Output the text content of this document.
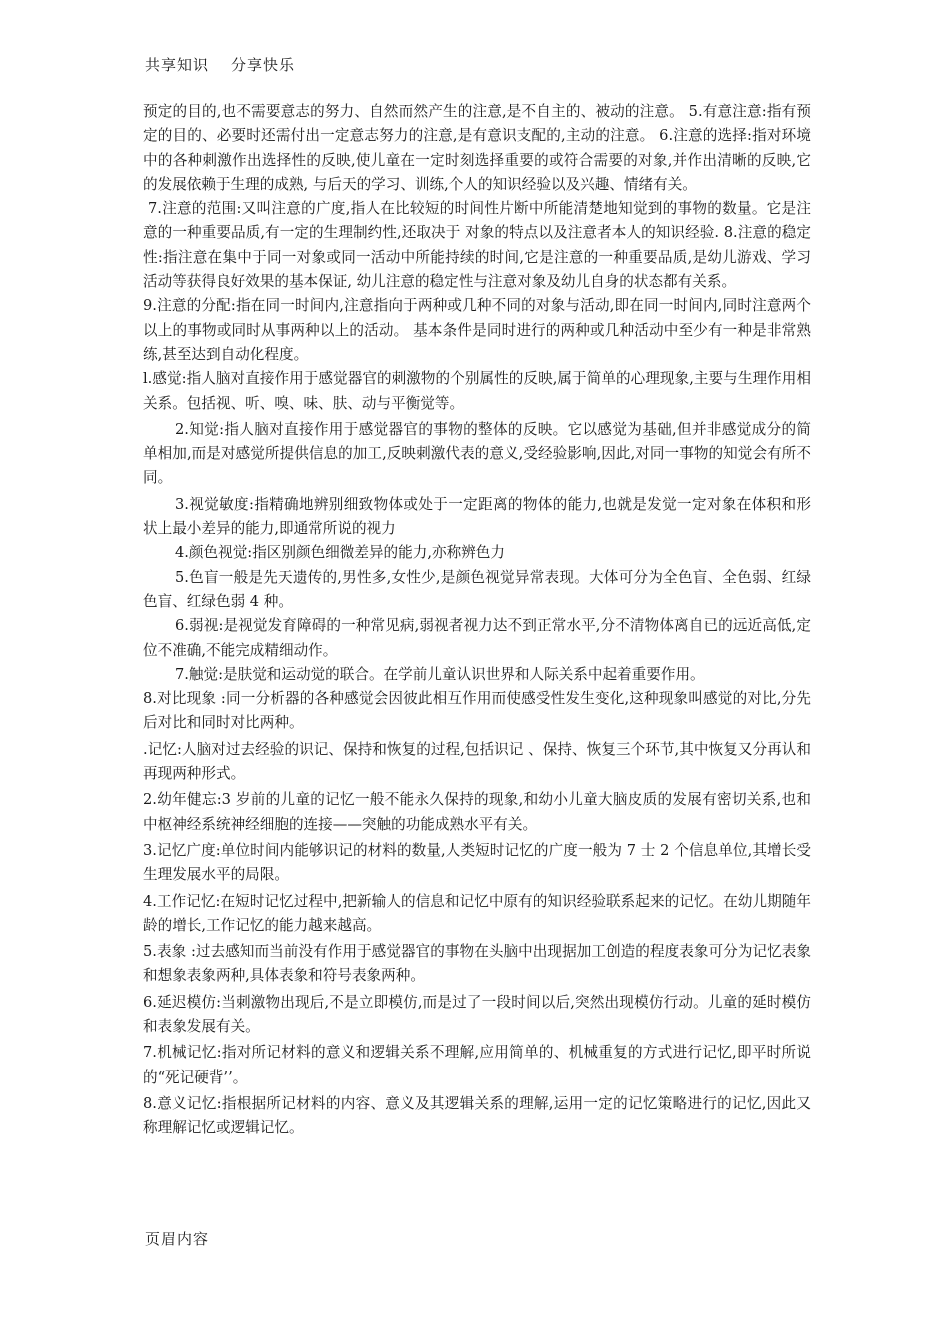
共享知识 分享快乐

预定的目的,也不需要意志的努力、自然而然产生的注意,是不自主的、被动的注意。 5.有意注意:指有预定的目的、必要时还需付出一定意志努力的注意,是有意识支配的,主动的注意。 6.注意的选择:指对环境中的各种刺激作出选择性的反映,使儿童在一定时刻选择重要的或符合需要的对象,并作出清晰的反映,它的发展依赖于生理的成熟, 与后天的学习、训练,个人的知识经验以及兴趣、情绪有关。

7.注意的范围:又叫注意的广度,指人在比较短的时间性片断中所能清楚地知觉到的事物的数量。它是注意的一种重要品质,有一定的生理制约性,还取决于 对象的特点以及注意者本人的知识经验. 8.注意的稳定性:指注意在集中于同一对象或同一活动中所能持续的时间,它是注意的一种重要品质,是幼儿游戏、学习活动等获得良好效果的基本保证, 幼儿注意的稳定性与注意对象及幼儿自身的状态都有关系。

9.注意的分配:指在同一时间内,注意指向于两种或几种不同的对象与活动,即在同一时间内,同时注意两个以上的事物或同时从事两种以上的活动。 基本条件是同时进行的两种或几种活动中至少有一种是非常熟练,甚至达到自动化程度。

l.感觉:指人脑对直接作用于感觉器官的刺激物的个别属性的反映,属于简单的心理现象,主要与生理作用相关系。包括视、听、嗅、味、肤、动与平衡觉等。

2.知觉:指人脑对直接作用于感觉器官的事物的整体的反映。它以感觉为基础,但并非感觉成分的简单相加,而是对感觉所提供信息的加工,反映刺激代表的意义,受经验影响,因此,对同一事物的知觉会有所不同。

3.视觉敏度:指精确地辨别细致物体或处于一定距离的物体的能力,也就是发觉一定对象在体积和形状上最小差异的能力,即通常所说的视力

4.颜色视觉:指区别颜色细微差异的能力,亦称辨色力

5.色盲一般是先天遗传的,男性多,女性少,是颜色视觉异常表现。大体可分为全色盲、全色弱、红绿色盲、红绿色弱 4 种。

6.弱视:是视觉发育障碍的一种常见病,弱视者视力达不到正常水平,分不清物体离自已的远近高低,定位不准确,不能完成精细动作。

7.触觉:是肤觉和运动觉的联合。在学前儿童认识世界和人际关系中起着重要作用。

8.对比现象 :同一分析器的各种感觉会因彼此相互作用而使感受性发生变化,这种现象叫感觉的对比,分先后对比和同时对比两种。

.记忆:人脑对过去经验的识记、保持和恢复的过程,包括识记 、保持、恢复三个环节,其中恢复又分再认和再现两种形式。

2.幼年健忘:3 岁前的儿童的记忆一般不能永久保持的现象,和幼小儿童大脑皮质的发展有密切关系,也和中枢神经系统神经细胞的连接——突触的功能成熟水平有关。

3.记忆广度:单位时间内能够识记的材料的数量,人类短时记忆的广度一般为 7 士 2 个信息单位,其增长受生理发展水平的局限。

4.工作记忆:在短时记忆过程中,把新输人的信息和记忆中原有的知识经验联系起来的记忆。在幼儿期随年龄的增长,工作记忆的能力越来越高。

5.表象 :过去感知而当前没有作用于感觉器官的事物在头脑中出现据加工创造的程度表象可分为记忆表象和想象表象两种,具体表象和符号表象两种。

6.延迟模仿:当刺激物出现后,不是立即模仿,而是过了一段时间以后,突然出现模仿行动。儿童的延时模仿和表象发展有关。

7.机械记忆:指对所记材料的意义和逻辑关系不理解,应用简单的、机械重复的方式进行记忆,即平时所说的“死记硬背’’。

8.意义记忆:指根据所记材料的内容、意义及其逻辑关系的理解,运用一定的记忆策略进行的记忆,因此又称理解记忆或逻辑记忆。

页眉内容
